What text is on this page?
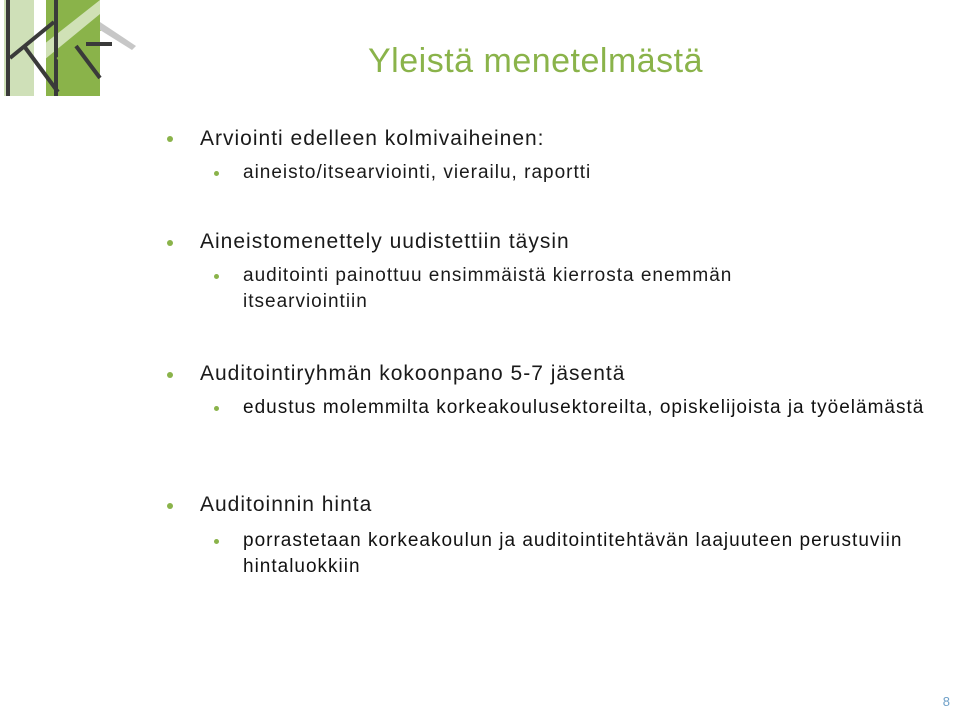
Yleistä menetelmästä
Arviointi edelleen kolmivaiheinen:
aineisto/itsearviointi, vierailu, raportti
Aineistomenettely uudistettiin täysin
auditointi painottuu ensimmäistä kierrosta enemmän itsearviointiin
Auditointiryhmän kokoonpano 5-7 jäsentä
edustus molemmilta korkeakoulusektoreilta, opiskelijoista ja työelämästä
Auditoinnin hinta
porrastetaan korkeakoulun ja auditointitehtävän laajuuteen perustuviin hintaluokkiin
8
